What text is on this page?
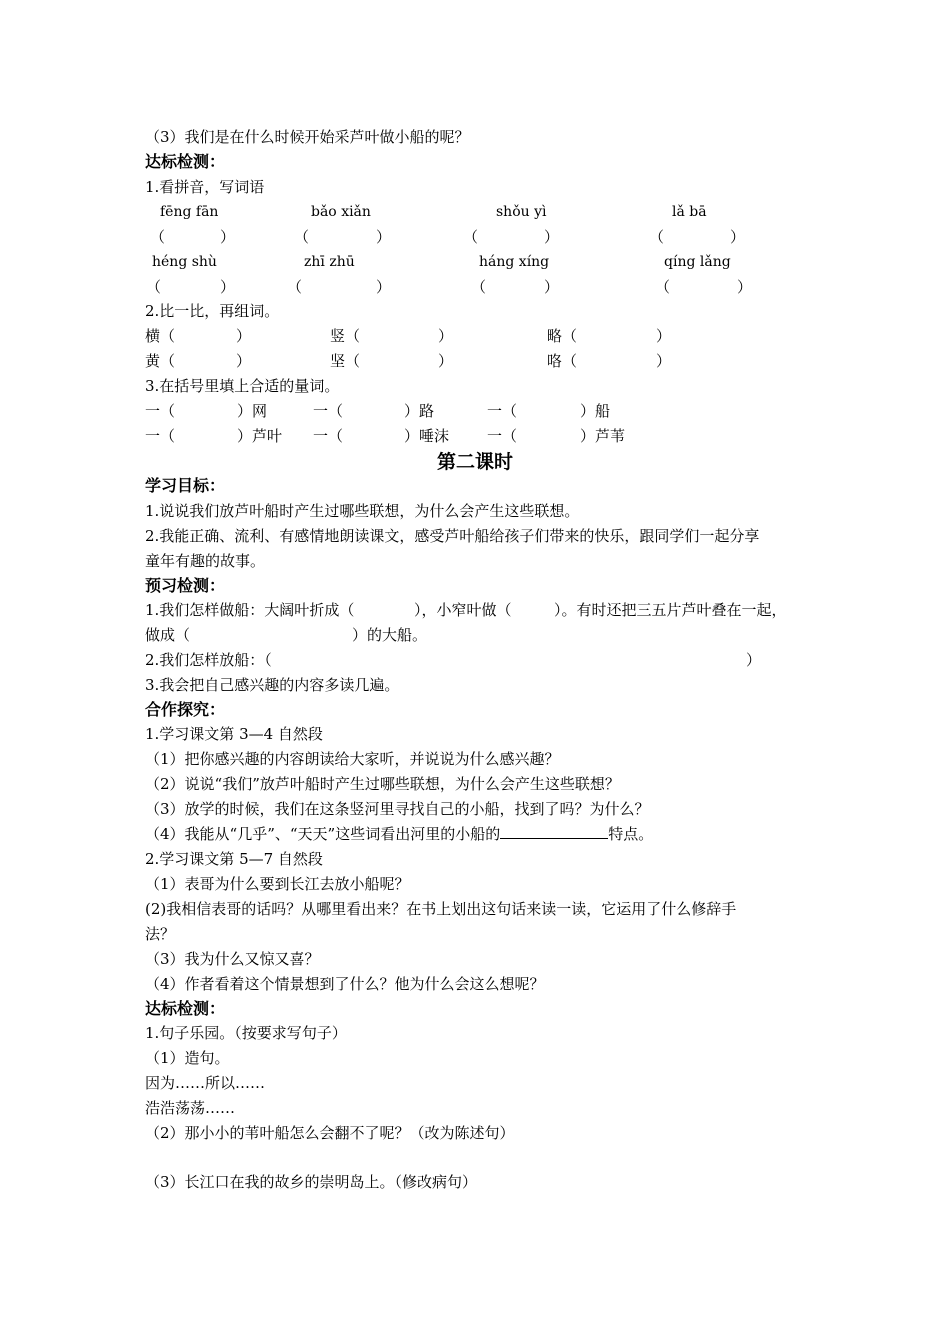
（3）我们是在什么时候开始采芦叶做小船的呢？
达标检测：
1.看拼音，写词语
fēng fān	bǎo xiǎn	shǒu yì	lǎ bā
（	）	（	）	（	）	（	）
héng shù	zhī zhū	háng xíng	qíng lǎng
（	）	（	）	（	）	（	）
2.比一比，再组词。
横（	）	竖（	）	略（	）
黄（	）	坚（	）	咯（	）
3.在括号里填上合适的量词。
一（	）网	一（	）路	一（	）船
一（	）芦叶 一（	）唾沫	一（	）芦苇
第二课时
学习目标：
1.说说我们放芦叶船时产生过哪些联想，为什么会产生这些联想。
2.我能正确、流利、有感情地朗读课文，感受芦叶船给孩子们带来的快乐，跟同学们一起分享
童年有趣的故事。
预习检测：
1.我们怎样做船：大阔叶折成（	），小窄叶做（	）。有时还把三五片芦叶叠在一起，
做成（	）的大船。
2.我们怎样放船：（	）
3.我会把自己感兴趣的内容多读几遍。
合作探究：
1.学习课文第 3—4 自然段
（1）把你感兴趣的内容朗读给大家听，并说说为什么感兴趣？
（2）说说“我们”放芦叶船时产生过哪些联想，为什么会产生这些联想？
（3）放学的时候，我们在这条竖河里寻找自己的小船，找到了吗？为什么？
（4）我能从“几乎”、“天天”这些词看出河里的小船的	特点。
2.学习课文第 5—7 自然段
（1）表哥为什么要到长江去放小船呢？
(2)我相信表哥的话吗？从哪里看出来？在书上划出这句话来读一读，它运用了什么修辞手
法？
（3）我为什么又惊又喜？
（4）作者看着这个情景想到了什么？他为什么会这么想呢？
达标检测：
1.句子乐园。（按要求写句子）
（1）造句。
因为……所以……
浩浩荡荡……
（2）那小小的苇叶船怎么会翻不了呢？（改为陈述句）
（3）长江口在我的故乡的崇明岛上。（修改病句）
